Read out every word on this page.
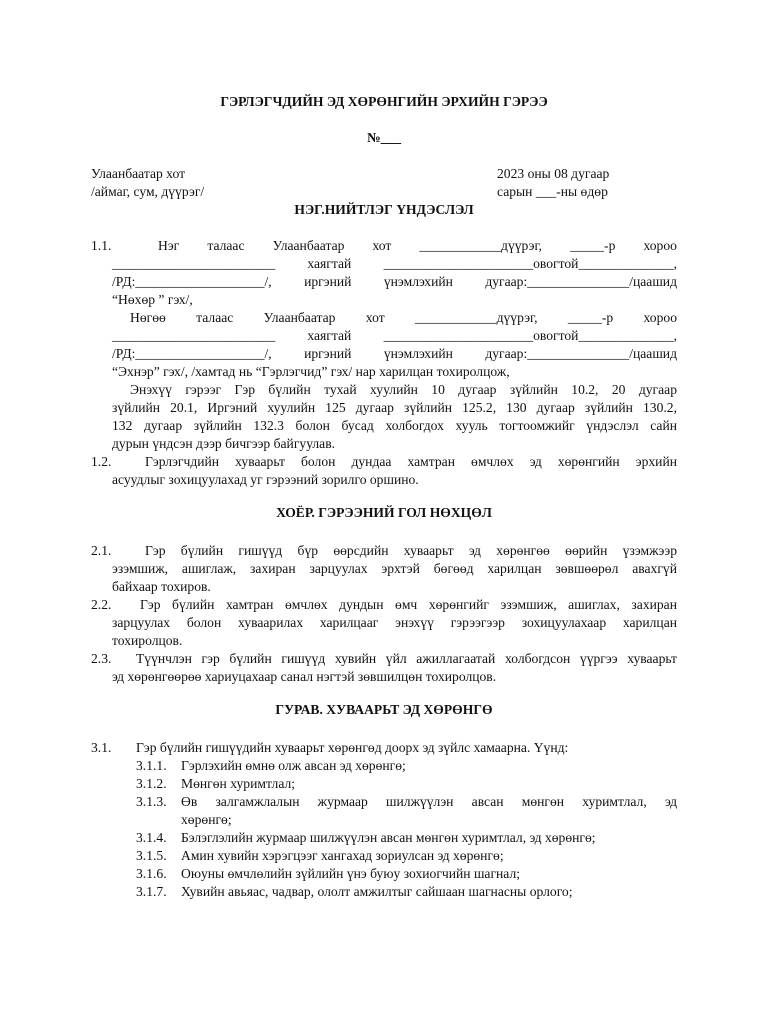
ГЭРЛЭГЧДИЙН ЭД ХӨРӨНГИЙН ЭРХИЙН ГЭРЭЭ
№___
Улаанбаатар хот
/аймаг, сум, дүүрэг/
2023 оны 08 дугаар
сарын ___-ны өдөр
НЭГ.НИЙТЛЭГ ҮНДЭСЛЭЛ
1.1.	Нэг талаас Улаанбаатар хот ____________дүүрэг, _____-р хороо
________________________ хаягтай ______________________овогтой______________,
/РД:___________________/, иргэний үнэмлэхийн дугаар:_______________/цаашид
“Нөхөр ” гэх/,
Нөгөө талаас Улаанбаатар хот ____________дүүрэг, _____-р хороо
________________________ хаягтай ______________________овогтой______________,
/РД:___________________/, иргэний үнэмлэхийн дугаар:_______________/цаашид
“Эхнэр” гэх/, /хамтад нь “Гэрлэгчид” гэх/ нар харилцан тохиролцож,
Энэхүү гэрээг Гэр бүлийн тухай хуулийн 10 дугаар зүйлийн 10.2, 20 дугаар
зүйлийн 20.1, Иргэний хуулийн 125 дугаар зүйлийн 125.2, 130 дугаар зүйлийн 130.2,
132 дугаар зүйлийн 132.3 болон бусад холбогдох хууль тогтоомжийг үндэслэл сайн
дурын үндсэн дээр бичгээр байгуулав.
1.2. Гэрлэгчдийн хуваарьт болон дундаа хамтран өмчлөх эд хөрөнгийн эрхийн
асуудлыг зохицуулахад уг гэрээний зорилго оршино.
ХОЁР. ГЭРЭЭНИЙ ГОЛ НӨХЦӨЛ
2.1. Гэр бүлийн гишүүд бүр өөрсдийн хуваарьт эд хөрөнгөө өөрийн үзэмжээр
эзэмшиж, ашиглаж, захиран зарцуулах эрхтэй бөгөөд харилцан зөвшөөрөл авахгүй
байхаар тохиров.
2.2. Гэр бүлийн хамтран өмчлөх дундын өмч хөрөнгийг эзэмшиж, ашиглах, захиран
зарцуулах болон хуваарилах харилцааг энэхүү гэрээгээр зохицуулахаар харилцан
тохиролцов.
2.3. Түүнчлэн гэр бүлийн гишүүд хувийн үйл ажиллагаатай холбогдсон үүргээ хуваарьт
эд хөрөнгөөрөө хариуцахаар санал нэгтэй зөвшилцөн тохиролцов.
ГУРАВ. ХУВААРЬТ ЭД ХӨРӨНГӨ
3.1. Гэр бүлийн гишүүдийн хуваарьт хөрөнгөд доорх эд зүйлс хамаарна. Үүнд:
3.1.1. Гэрлэхийн өмнө олж авсан эд хөрөнгө;
3.1.2. Мөнгөн хуримтлал;
3.1.3. Өв залгамжлалын журмаар шилжүүлэн авсан мөнгөн хуримтлал, эд
хөрөнгө;
3.1.4. Бэлэглэлийн журмаар шилжүүлэн авсан мөнгөн хуримтлал, эд хөрөнгө;
3.1.5. Амин хувийн хэрэгцээг хангахад зориулсан эд хөрөнгө;
3.1.6. Оюуны өмчлөлийн зүйлийн үнэ буюу зохиогчийн шагнал;
3.1.7. Хувийн авьяас, чадвар, ололт амжилтыг сайшаан шагнасны орлого;
